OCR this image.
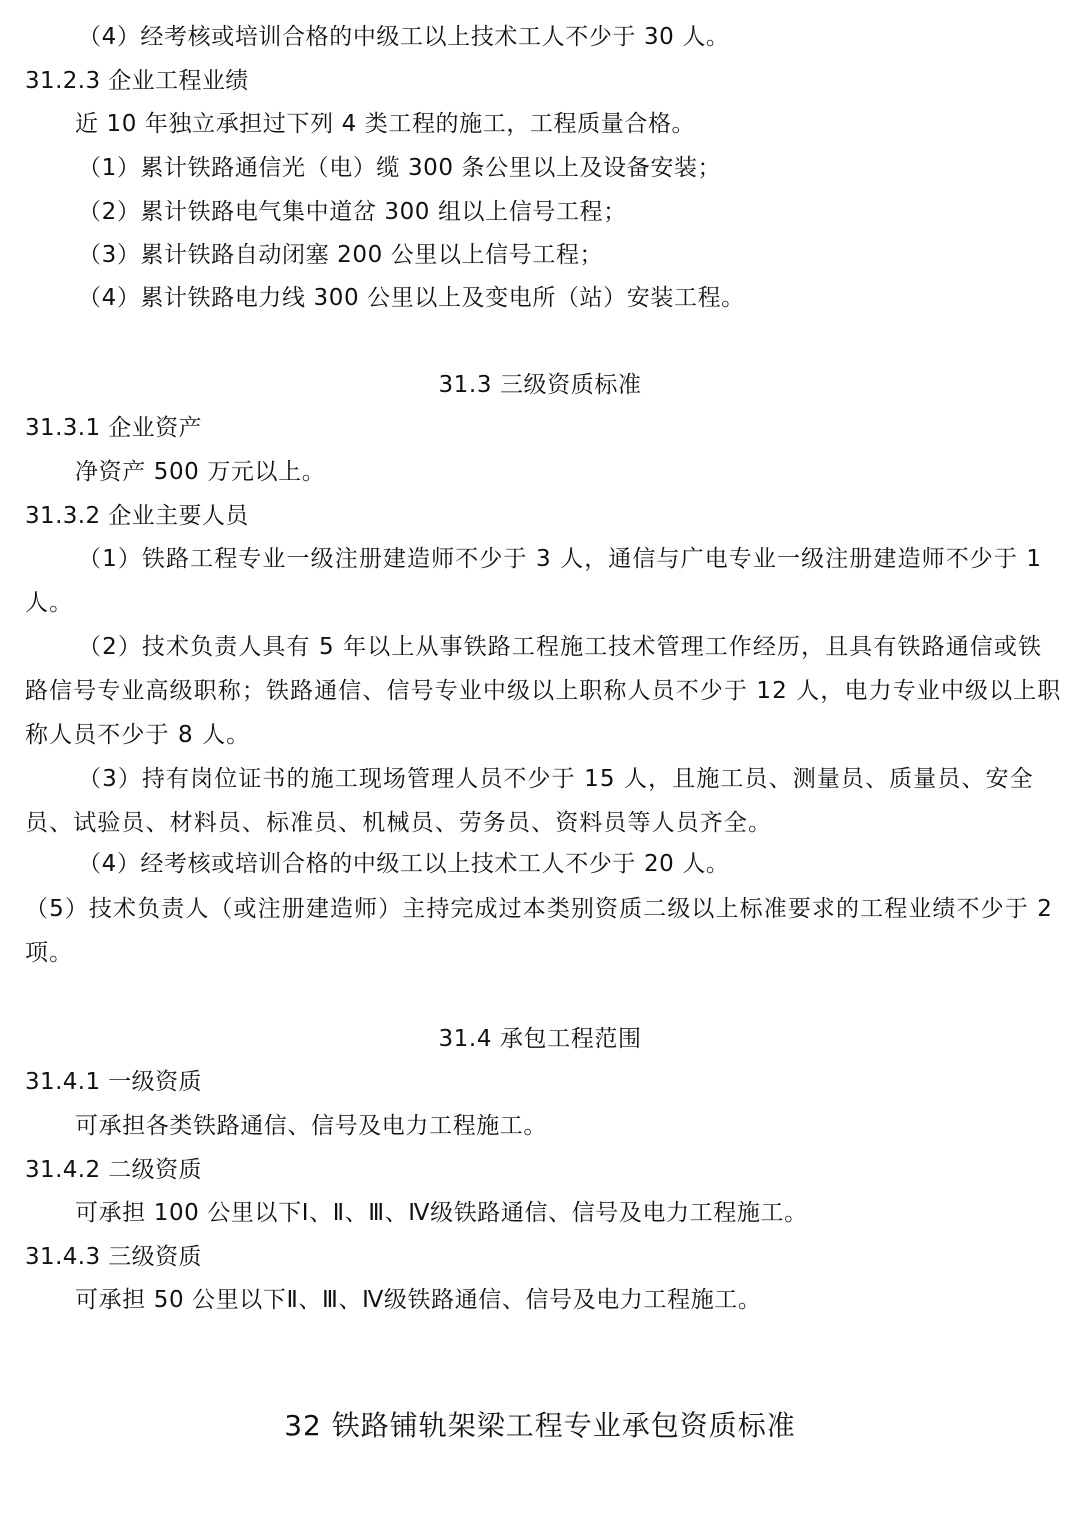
（4）经考核或培训合格的中级工以上技术工人不少于 30 人。
31.2.3 企业工程业绩
近 10 年独立承担过下列 4 类工程的施工，工程质量合格。
（1）累计铁路通信光（电）缆 300 条公里以上及设备安装；
（2）累计铁路电气集中道岔 300 组以上信号工程；
（3）累计铁路自动闭塞 200 公里以上信号工程；
（4）累计铁路电力线 300 公里以上及变电所（站）安装工程。
31.3 三级资质标准
31.3.1 企业资产
净资产 500 万元以上。
31.3.2 企业主要人员
（1）铁路工程专业一级注册建造师不少于 3 人，通信与广电专业一级注册建造师不少于 1 人。
（2）技术负责人具有 5 年以上从事铁路工程施工技术管理工作经历，且具有铁路通信或铁路信号专业高级职称；铁路通信、信号专业中级以上职称人员不少于 12 人，电力专业中级以上职称人员不少于 8 人。
（3）持有岗位证书的施工现场管理人员不少于 15 人，且施工员、测量员、质量员、安全员、试验员、材料员、标准员、机械员、劳务员、资料员等人员齐全。
（4）经考核或培训合格的中级工以上技术工人不少于 20 人。
（5）技术负责人（或注册建造师）主持完成过本类别资质二级以上标准要求的工程业绩不少于 2 项。
31.4 承包工程范围
31.4.1 一级资质
可承担各类铁路通信、信号及电力工程施工。
31.4.2 二级资质
可承担 100 公里以下Ⅰ、Ⅱ、Ⅲ、Ⅳ级铁路通信、信号及电力工程施工。
31.4.3 三级资质
可承担 50 公里以下Ⅱ、Ⅲ、Ⅳ级铁路通信、信号及电力工程施工。
32 铁路铺轨架梁工程专业承包资质标准
